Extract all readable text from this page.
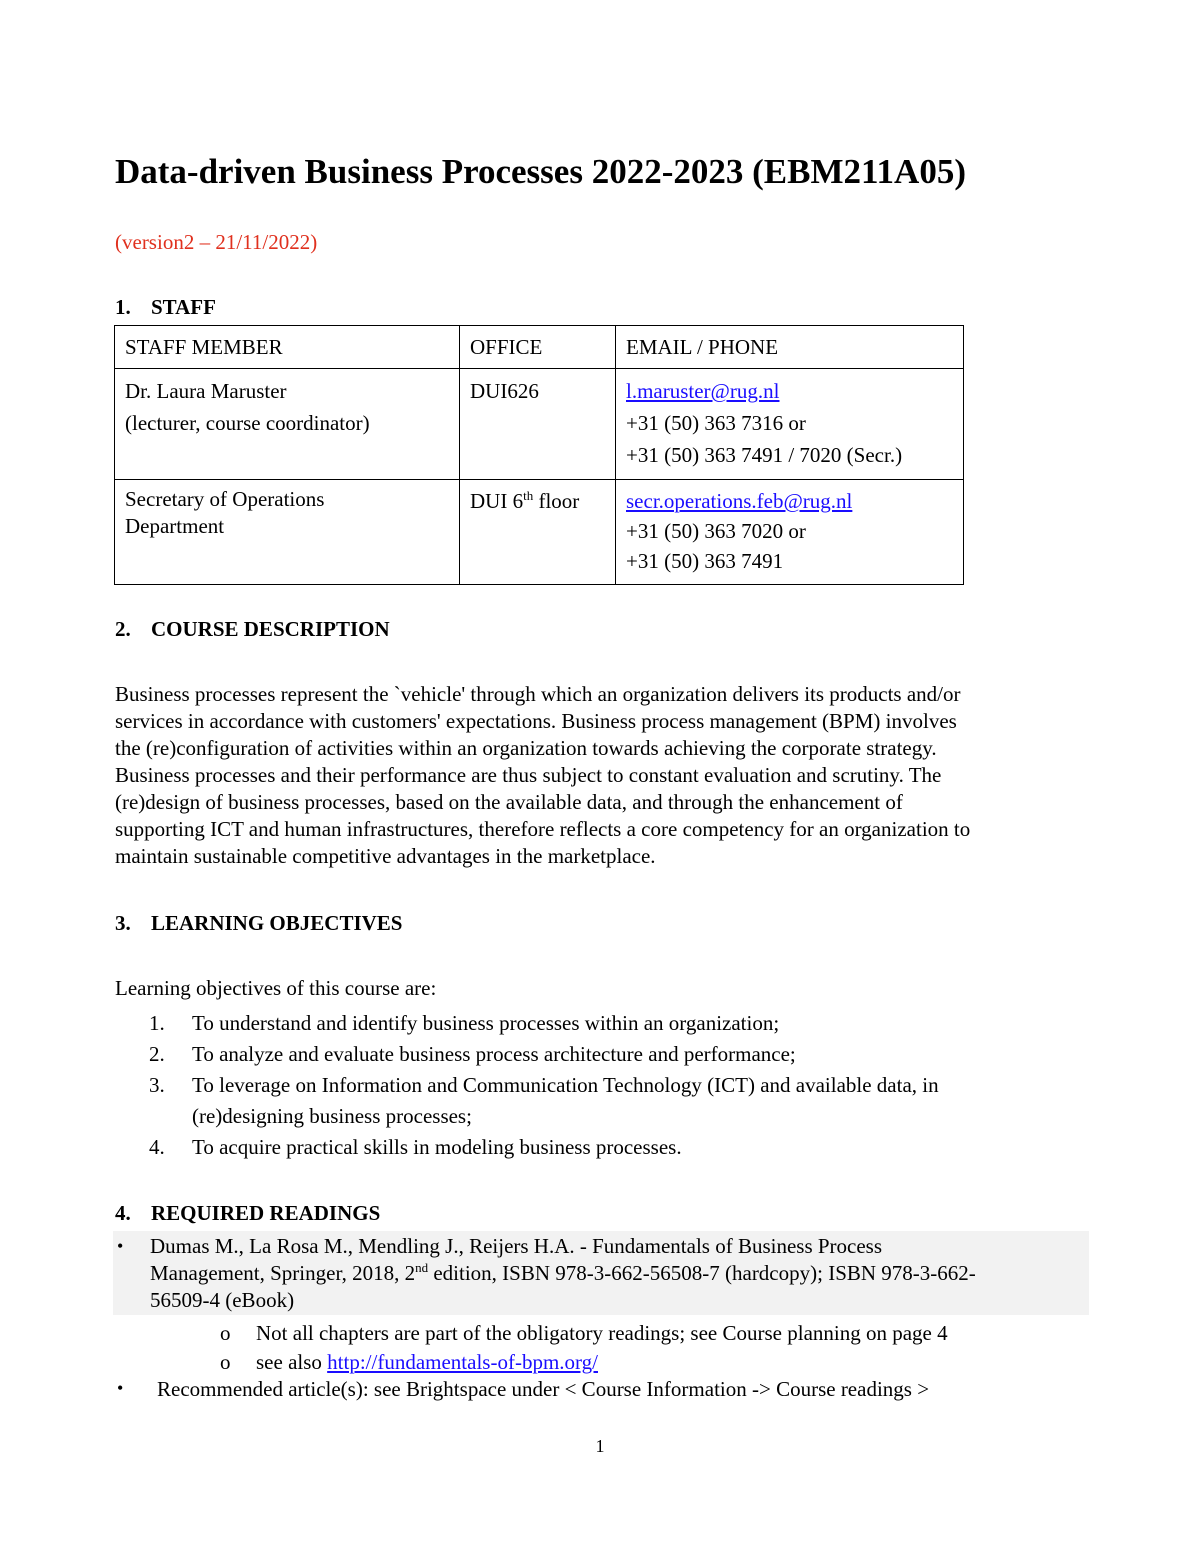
Data-driven Business Processes 2022-2023 (EBM211A05)
(version2 – 21/11/2022)
1. STAFF
STAFF MEMBER	OFFICE	EMAIL / PHONE

Dr. Laura Maruster
(lecturer, course coordinator)	DUI626	l.maruster@rug.nl
+31 (50) 363 7316 or
+31 (50) 363 7491 / 7020 (Secr.)

Secretary of Operations
Department	DUI 6th floor	secr.operations.feb@rug.nl
+31 (50) 363 7020 or
+31 (50) 363 7491
2. COURSE DESCRIPTION
Business processes represent the `vehicle' through which an organization delivers its products and/or
services in accordance with customers' expectations. Business process management (BPM) involves
the (re)configuration of activities within an organization towards achieving the corporate strategy.
Business processes and their performance are thus subject to constant evaluation and scrutiny. The
(re)design of business processes, based on the available data, and through the enhancement of
supporting ICT and human infrastructures, therefore reflects a core competency for an organization to
maintain sustainable competitive advantages in the marketplace.
3. LEARNING OBJECTIVES
Learning objectives of this course are:
1. To understand and identify business processes within an organization;
2. To analyze and evaluate business process architecture and performance;
3. To leverage on Information and Communication Technology (ICT) and available data, in (re)designing business processes;
4. To acquire practical skills in modeling business processes.
4. REQUIRED READINGS
• Dumas M., La Rosa M., Mendling J., Reijers H.A. - Fundamentals of Business Process
Management, Springer, 2018, 2nd edition, ISBN 978-3-662-56508-7 (hardcopy); ISBN 978-3-662-
56509-4 (eBook)
o Not all chapters are part of the obligatory readings; see Course planning on page 4
o see also http://fundamentals-of-bpm.org/
• Recommended article(s): see Brightspace under < Course Information -> Course readings >
1
